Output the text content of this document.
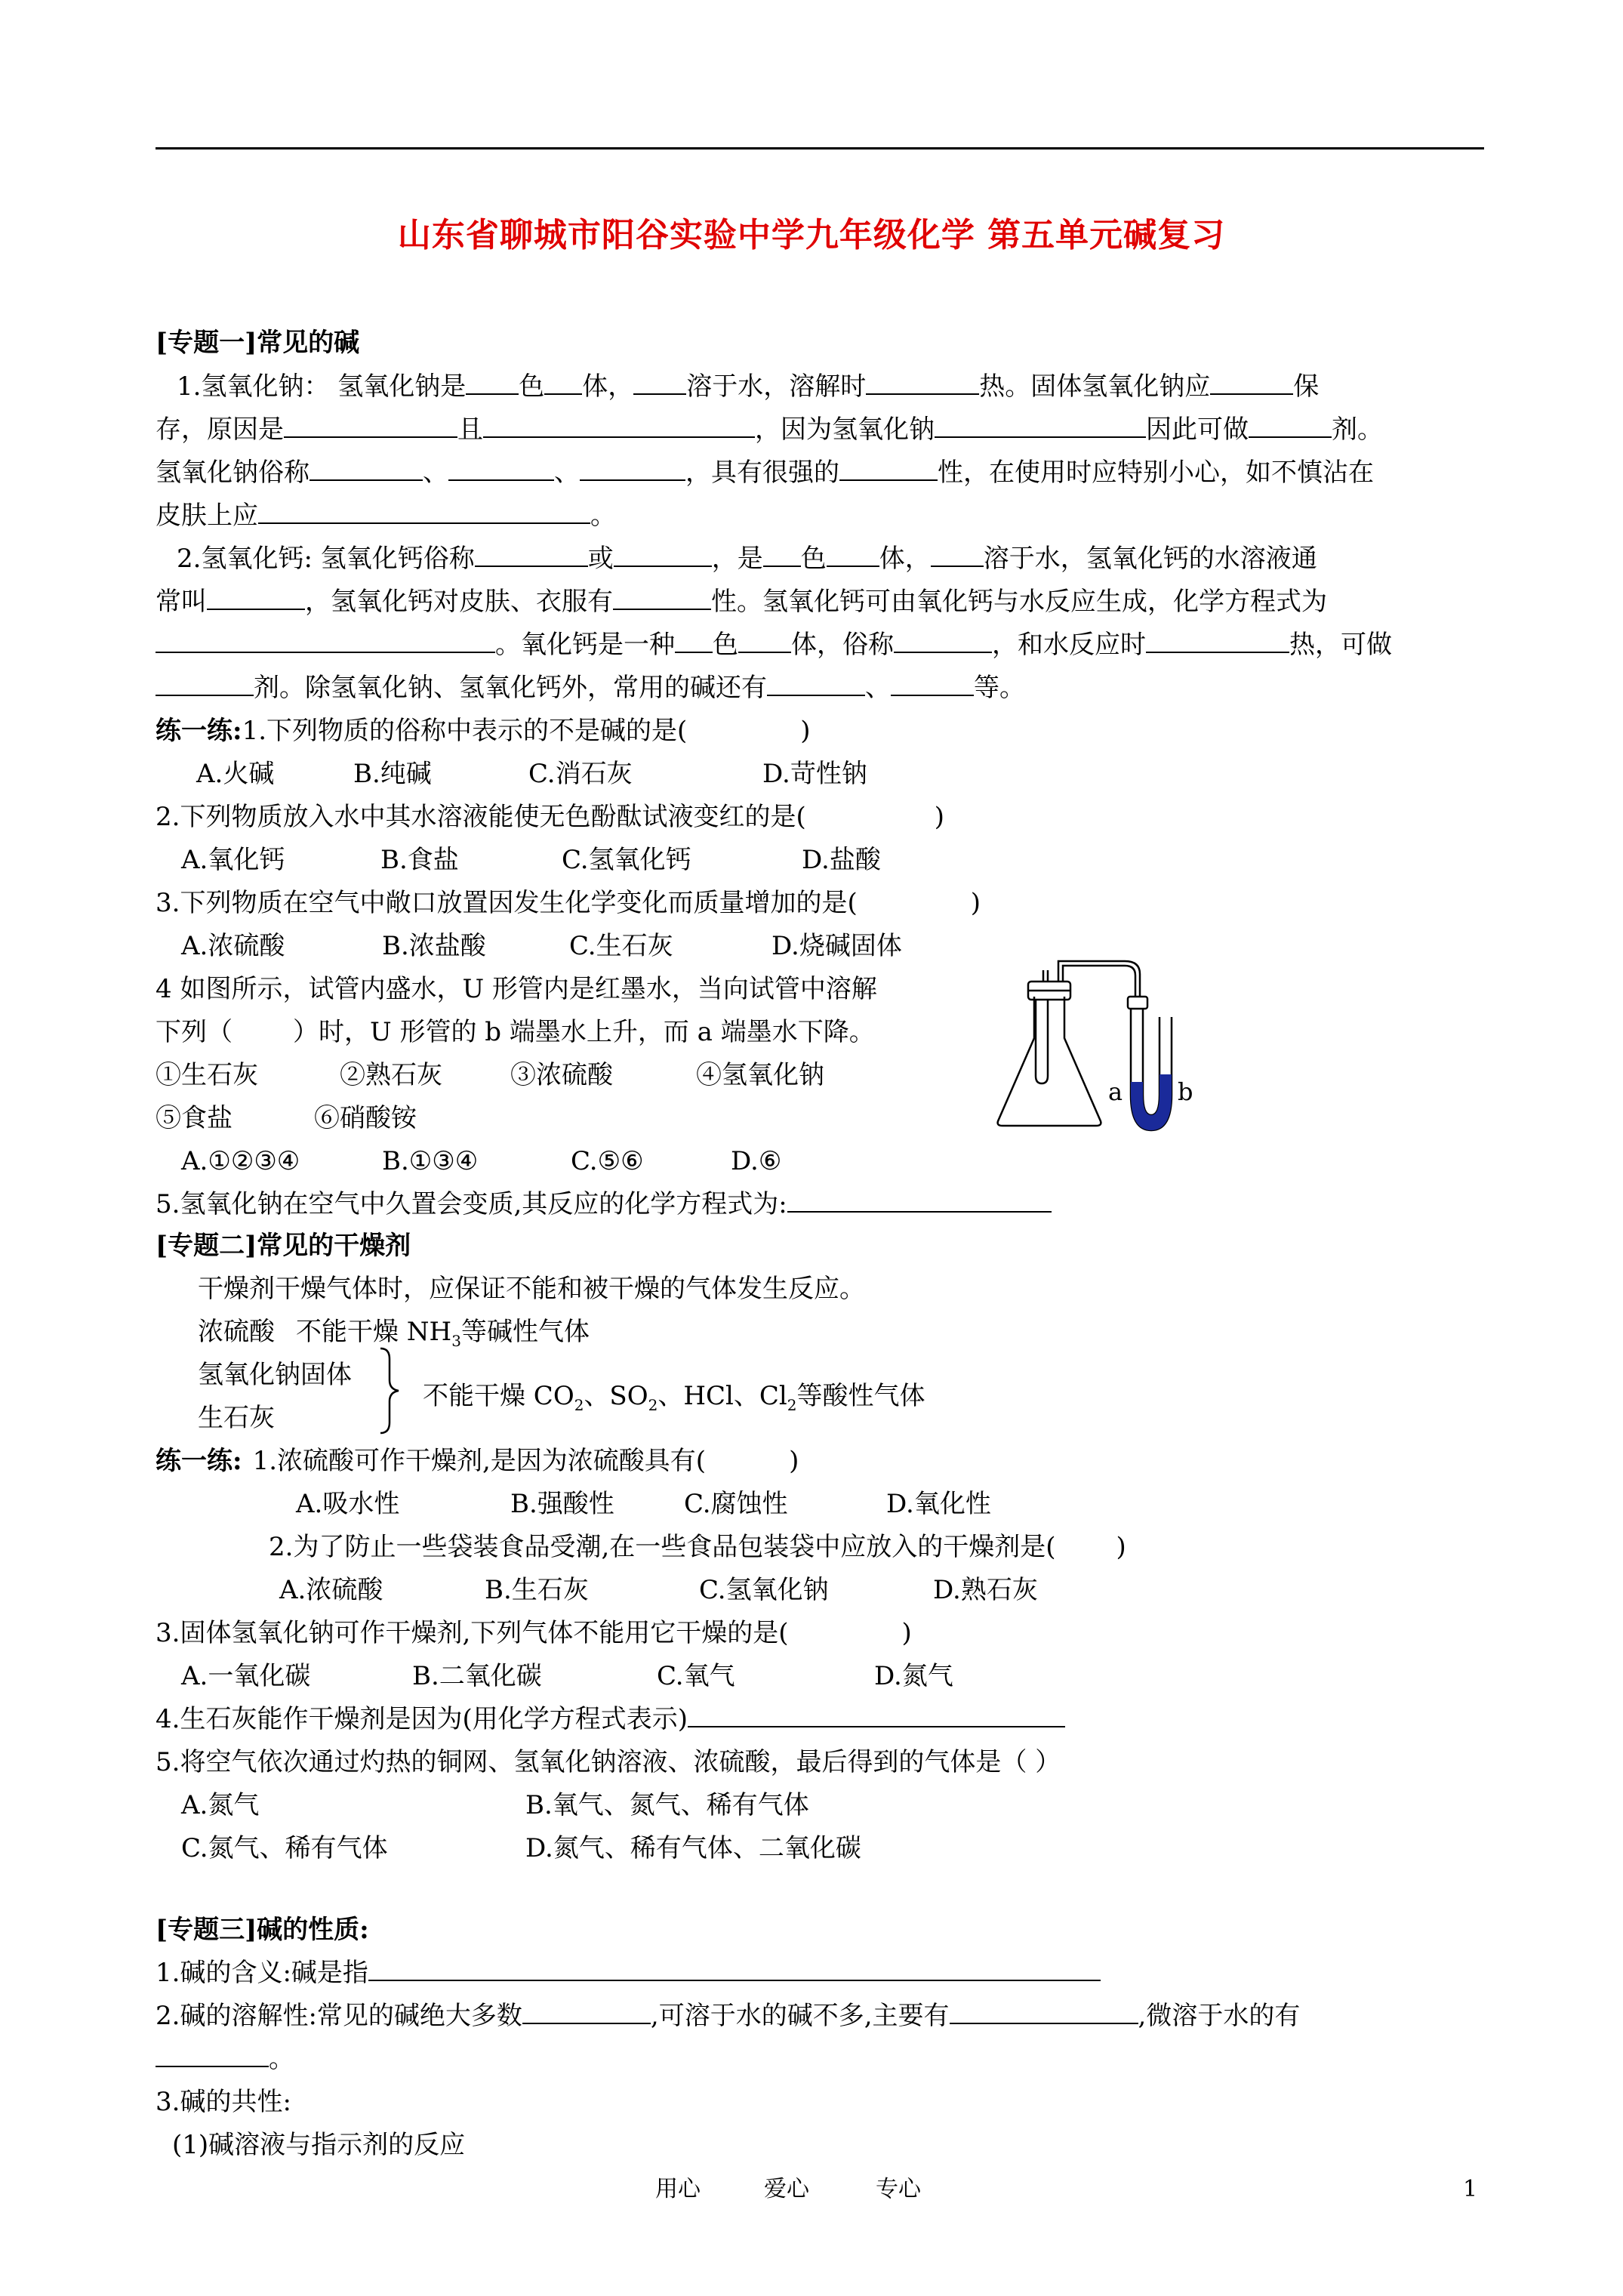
山东省聊城市阳谷实验中学九年级化学 第五单元碱复习
[专题一]常见的碱
1.氢氧化钠： 氢氧化钠是 色 体， 溶于水，溶解时	热。固体氢氧化钠应	保
存，原因是	且	，因为氢氧化钠	因此可做	剂。
氢氧化钠俗称	、	、	，具有很强的	性，在使用时应特别小心，如不慎沾在
皮肤上应	。
2.氢氧化钙: 氢氧化钙俗称	或	，是 色 体， 溶于水，氢氧化钙的水溶液通
常叫	，氢氧化钙对皮肤、衣服有	性。氢氧化钙可由氧化钙与水反应生成，化学方程式为
。氧化钙是一种 色 体，俗称	，和水反应时	热，可做
剂。除氢氧化钠、氢氧化钙外，常用的碱还有	、	等。
练一练:1.下列物质的俗称中表示的不是碱的是(	)
A.火碱	B.纯碱	C.消石灰	D.苛性钠
2.下列物质放入水中其水溶液能使无色酚酞试液变红的是(	)
A.氧化钙	B.食盐	C.氢氧化钙	D.盐酸
3.下列物质在空气中敞口放置因发生化学变化而质量增加的是(	)
A.浓硫酸	B.浓盐酸	C.生石灰	D.烧碱固体
4 如图所示，试管内盛水，U 形管内是红墨水，当向试管中溶解
下列（ ）时，U 形管的 b 端墨水上升，而 a 端墨水下降。
①生石灰	②熟石灰	③浓硫酸	④氢氧化钠
⑤食盐	⑥硝酸铵
A.①②③④	B.①③④	C.⑤⑥	D.⑥
5.氢氧化钠在空气中久置会变质,其反应的化学方程式为:
a b
[专题二]常见的干燥剂
干燥剂干燥气体时，应保证不能和被干燥的气体发生反应。
浓硫酸 不能干燥 $NH_3$等碱性气体
氢氧化钠固体
生石灰
不能干燥 $CO_2$、$SO_2$、HCl、$Cl_2$等酸性气体
练一练: 1.浓硫酸可作干燥剂,是因为浓硫酸具有(	)
A.吸水性	B.强酸性	C.腐蚀性	D.氧化性
2.为了防止一些袋装食品受潮,在一些食品包装袋中应放入的干燥剂是( )
A.浓硫酸	B.生石灰	C.氢氧化钠	D.熟石灰
3.固体氢氧化钠可作干燥剂,下列气体不能用它干燥的是(	)
A.一氧化碳	B.二氧化碳	C.氧气	D.氮气
4.生石灰能作干燥剂是因为(用化学方程式表示)
5.将空气依次通过灼热的铜网、氢氧化钠溶液、浓硫酸，最后得到的气体是（ ）
A.氮气	B.氧气、氮气、稀有气体
C.氮气、稀有气体	D.氮气、稀有气体、二氧化碳
[专题三]碱的性质:
1.碱的含义:碱是指
2.碱的溶解性:常见的碱绝大多数	,可溶于水的碱不多,主要有	,微溶于水的有
。
3.碱的共性:
(1)碱溶液与指示剂的反应
用心	爱心	专心	1
